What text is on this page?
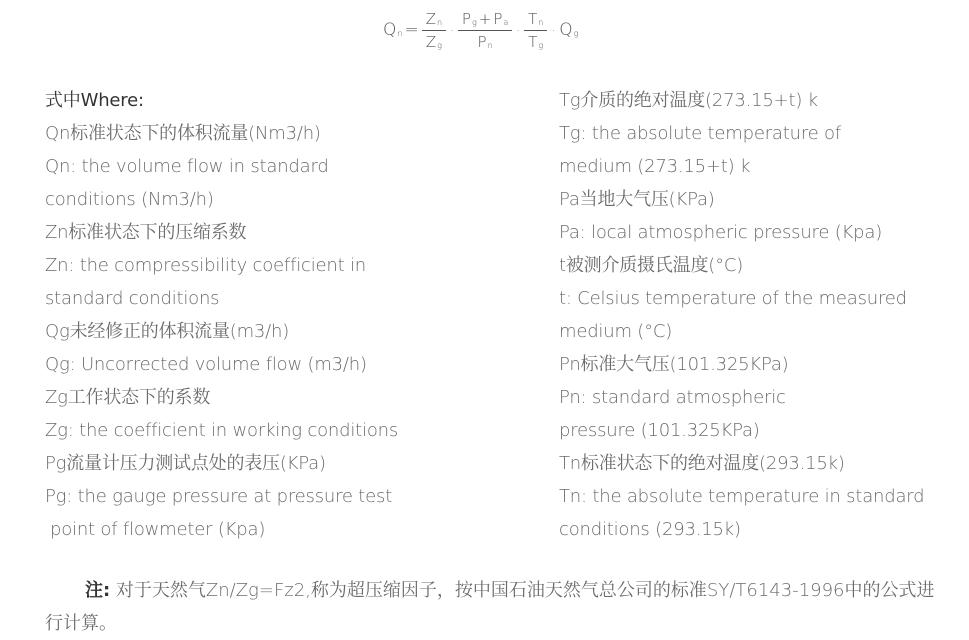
$Q_n = \frac{Z_n}{Z_g} \cdot \frac{P_g + P_a}{P_n} \cdot \frac{T_n}{T_g} \cdot Q_g$
式中Where:
Qn标准状态下的体积流量(Nm3/h)
Qn: the volume flow in standard
conditions (Nm3/h)
Zn标准状态下的压缩系数
Zn: the compressibility coefficient in
standard conditions
Qg未经修正的体积流量(m3/h)
Qg: Uncorrected volume flow (m3/h)
Zg工作状态下的系数
Zg: the coefficient in working conditions
Pg流量计压力测试点处的表压(KPa)
Pg: the gauge pressure at pressure test
point of flowmeter (Kpa)
Tg介质的绝对温度(273.15+t) k
Tg: the absolute temperature of
medium (273.15+t) k
Pa当地大气压(KPa)
Pa: local atmospheric pressure (Kpa)
t被测介质摄氏温度(°C)
t: Celsius temperature of the measured
medium (°C)
Pn标准大气压(101.325KPa)
Pn: standard atmospheric
pressure (101.325KPa)
Tn标准状态下的绝对温度(293.15k)
Tn: the absolute temperature in standard
conditions (293.15k)
注: 对于天然气Zn/Zg=Fz2,称为超压缩因子，按中国石油天然气总公司的标准SY/T6143-1996中的公式进行计算。
